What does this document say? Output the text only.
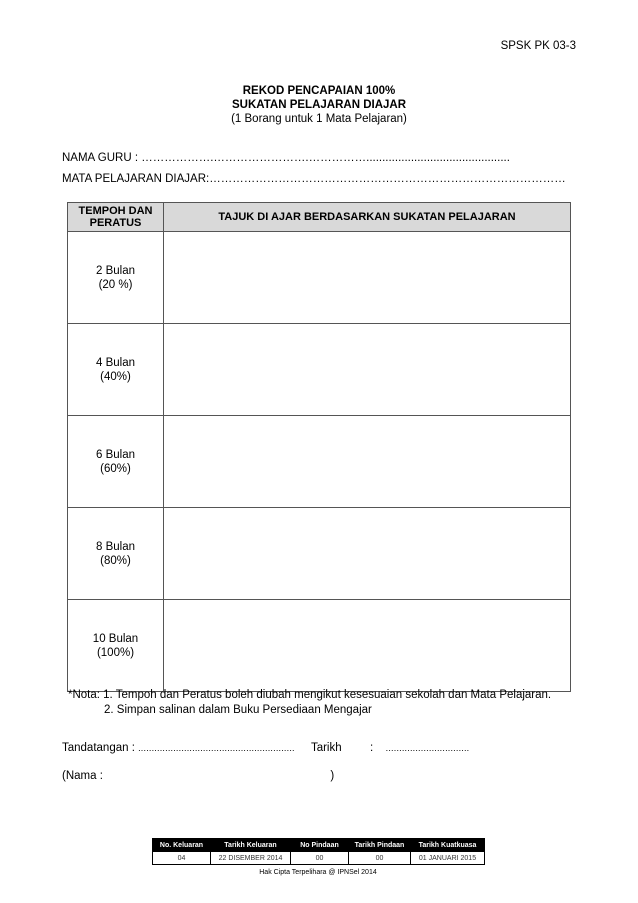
SPSK PK 03-3
REKOD PENCAPAIAN 100%
SUKATAN PELAJARAN DIAJAR
(1 Borang untuk 1 Mata Pelajaran)
NAMA GURU : ……………….…………………….…………….............................................
MATA PELAJARAN DIAJAR:…………………………………………………………………………………
TEMPOH DAN
PERATUS	TAJUK DI AJAR BERDASARKAN SUKATAN PELAJARAN

2 Bulan
(20 %)	

4 Bulan
(40%)	

6 Bulan
(60%)	

8 Bulan
(80%)	

10 Bulan
(100%)	

*Nota: 1. Tempoh dan Peratus boleh diubah mengikut kesesuaian sekolah dan Mata Pelajaran.
2. Simpan salinan dalam Buku Persediaan Mengajar
Tandatangan : .......................................................... Tarikh : ...............................
(Nama :	)
No. Keluaran	Tarikh Keluaran	No Pindaan	Tarikh Pindaan	Tarikh Kuatkuasa
04	22 DISEMBER 2014	00	00	01 JANUARI 2015
Hak Cipta Terpelihara @ IPNSel 2014
